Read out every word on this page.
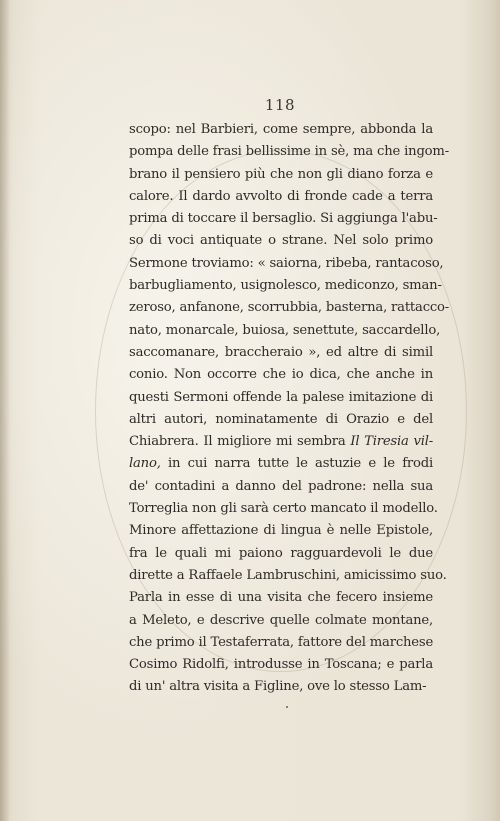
118
scopo: nel Barbieri, come sempre, abbonda la
pompa delle frasi bellissime in sè, ma che ingom-
brano il pensiero più che non gli diano forza e
calore. Il dardo avvolto di fronde cade a terra
prima di toccare il bersaglio. Si aggiunga l'abu-
so di voci antiquate o strane. Nel solo primo
Sermone troviamo: « saiorna, ribeba, rantacoso,
barbugliamento, usignolesco, mediconzo, sman-
zeroso, anfanone, scorrubbia, basterna, rattacco-
nato, monarcale, buiosa, senettute, saccardello,
saccomanare, braccheraio », ed altre di simil
conio. Non occorre che io dica, che anche in
questi Sermoni offende la palese imitazione di
altri autori, nominatamente di Orazio e del
Chiabrera. Il migliore mi sembra Il Tiresia vil-
lano, in cui narra tutte le astuzie e le frodi
de' contadini a danno del padrone: nella sua
Torreglia non gli sarà certo mancato il modello.
Minore affettazione di lingua è nelle Epistole,
fra le quali mi paiono ragguardevoli le due
dirette a Raffaele Lambruschini, amicissimo suo.
Parla in esse di una visita che fecero insieme
a Meleto, e descrive quelle colmate montane,
che primo il Testaferrata, fattore del marchese
Cosimo Ridolfi, introdusse in Toscana; e parla
di un' altra visita a Figline, ove lo stesso Lam-
